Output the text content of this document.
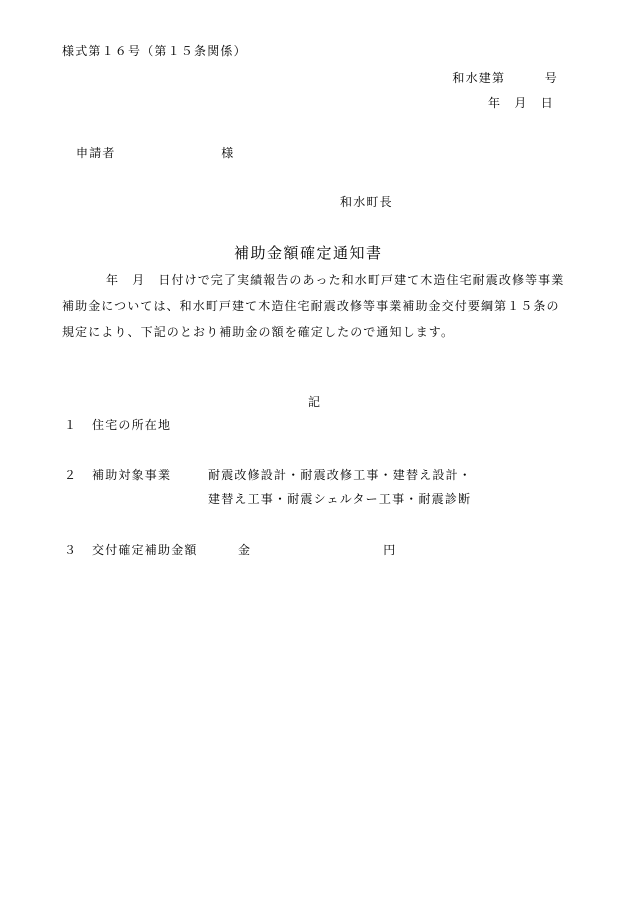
様式第１６号（第１５条関係）
和水建第　　　号
年　月　日
申請者　　　　　　　　様
和水町長
補助金額確定通知書
年　月　日付けで完了実績報告のあった和水町戸建て木造住宅耐震改修等事業補助金については、和水町戸建て木造住宅耐震改修等事業補助金交付要綱第１５条の規定により、下記のとおり補助金の額を確定したので通知します。
記
１ 住宅の所在地
２ 補助対象事業	耐震改修設計・耐震改修工事・建替え設計・
建替え工事・耐震シェルター工事・耐震診断
３ 交付確定補助金額	金　　　　　　　　　　円
